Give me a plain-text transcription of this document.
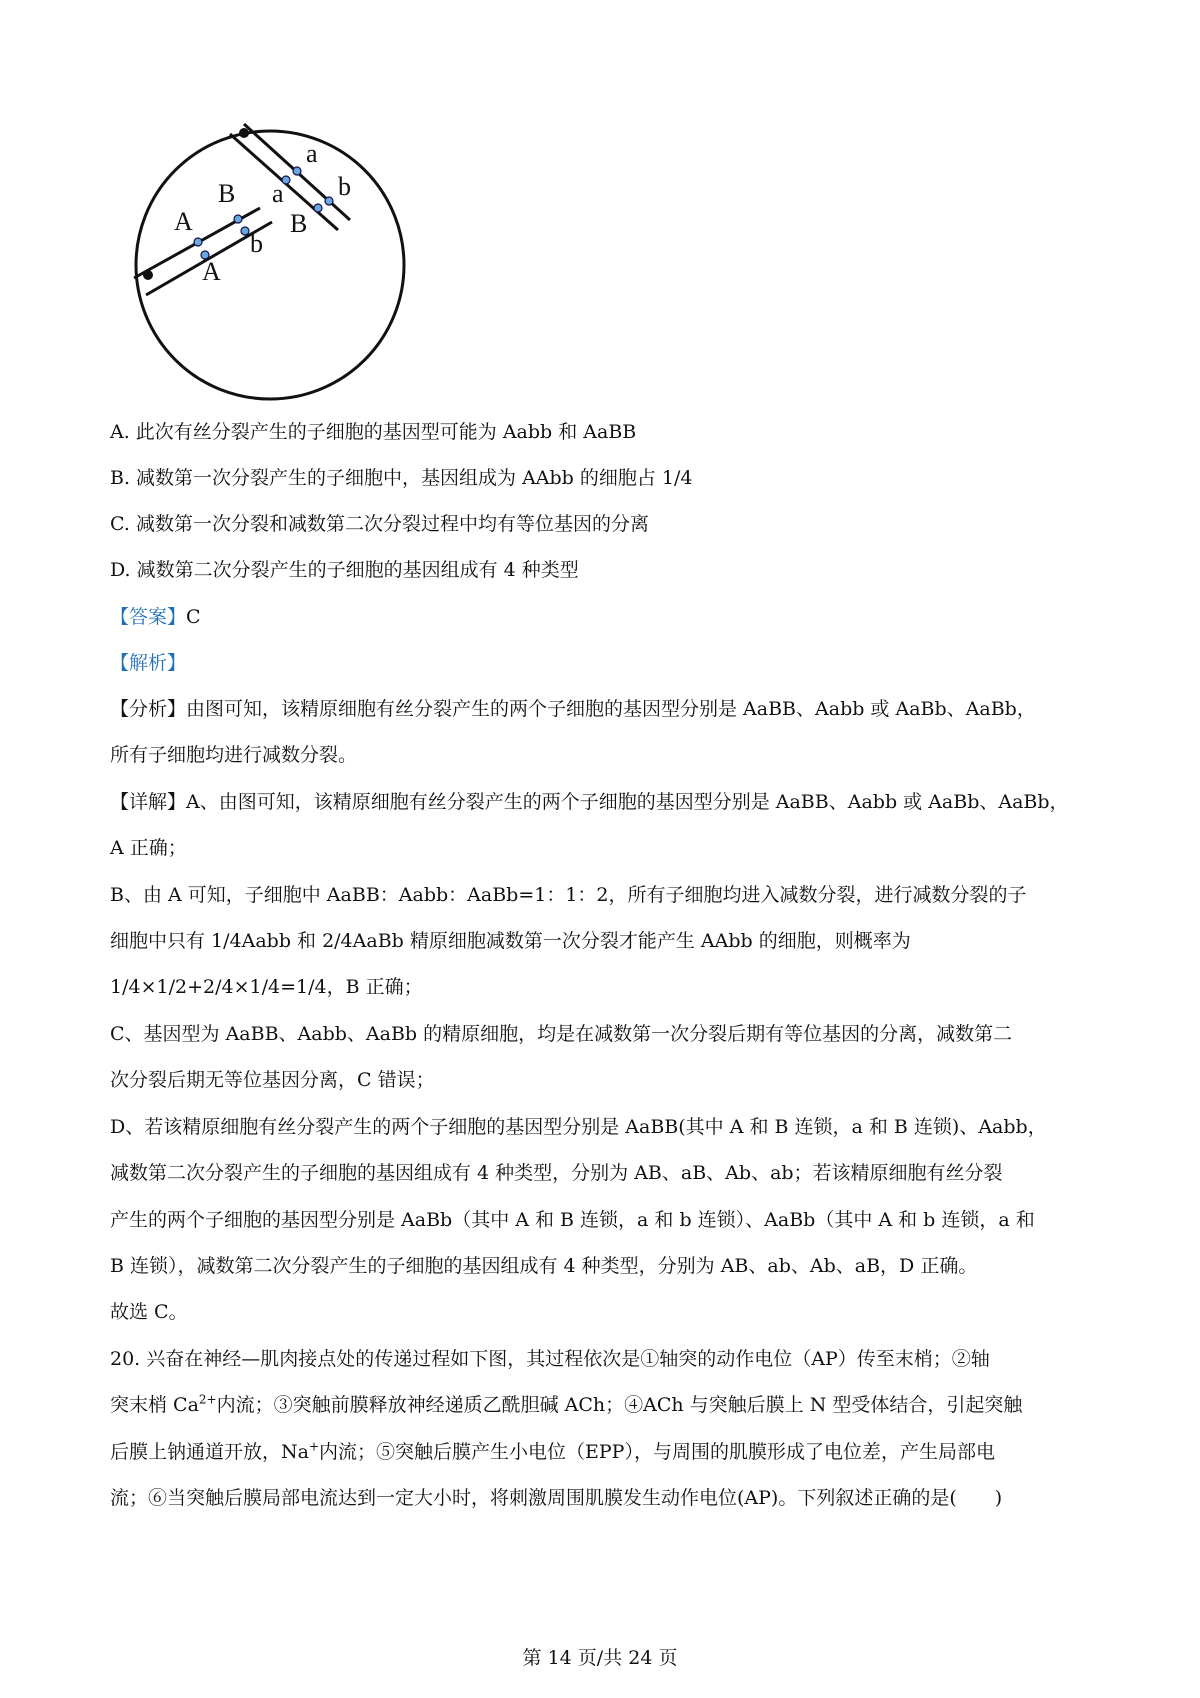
A
B
A
b
a
a b
B
A. 此次有丝分裂产生的子细胞的基因型可能为 Aabb 和 AaBB
B. 减数第一次分裂产生的子细胞中，基因组成为 AAbb 的细胞占 1/4
C. 减数第一次分裂和减数第二次分裂过程中均有等位基因的分离
D. 减数第二次分裂产生的子细胞的基因组成有 4 种类型
【答案】C
【解析】
【分析】由图可知，该精原细胞有丝分裂产生的两个子细胞的基因型分别是 AaBB、Aabb 或 AaBb、AaBb，
所有子细胞均进行减数分裂。
【详解】A、由图可知，该精原细胞有丝分裂产生的两个子细胞的基因型分别是 AaBB、Aabb 或 AaBb、AaBb，
A 正确；
B、由 A 可知，子细胞中 AaBB：Aabb：AaBb=1：1：2，所有子细胞均进入减数分裂，进行减数分裂的子
细胞中只有 1/4Aabb 和 2/4AaBb 精原细胞减数第一次分裂才能产生 AAbb 的细胞，则概率为
1/4×1/2+2/4×1/4=1/4，B 正确；
C、基因型为 AaBB、Aabb、AaBb 的精原细胞，均是在减数第一次分裂后期有等位基因的分离，减数第二
次分裂后期无等位基因分离，C 错误；
D、若该精原细胞有丝分裂产生的两个子细胞的基因型分别是 AaBB(其中 A 和 B 连锁，a 和 B 连锁)、Aabb，
减数第二次分裂产生的子细胞的基因组成有 4 种类型，分别为 AB、aB、Ab、ab；若该精原细胞有丝分裂
产生的两个子细胞的基因型分别是 AaBb（其中 A 和 B 连锁，a 和 b 连锁）、AaBb（其中 A 和 b 连锁，a 和
B 连锁），减数第二次分裂产生的子细胞的基因组成有 4 种类型，分别为 AB、ab、Ab、aB，D 正确。
故选 C。
20. 兴奋在神经—肌肉接点处的传递过程如下图，其过程依次是①轴突的动作电位（AP）传至末梢；②轴
突末梢 $Ca^{2+}$内流；③突触前膜释放神经递质乙酰胆碱 ACh；④ACh 与突触后膜上 N 型受体结合，引起突触
后膜上钠通道开放，Na+内流；⑤突触后膜产生小电位（EPP），与周围的肌膜形成了电位差，产生局部电
流；⑥当突触后膜局部电流达到一定大小时，将刺激周围肌膜发生动作电位(AP)。下列叙述正确的是(　　)
第 14 页/共 24 页
